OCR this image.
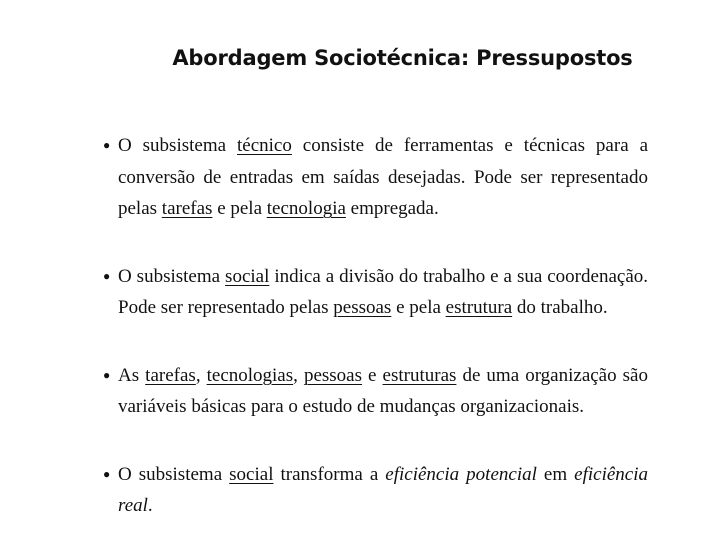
Abordagem Sociotécnica: Pressupostos
● O subsistema técnico consiste de ferramentas e técnicas para a conversão de entradas em saídas desejadas. Pode ser representado pelas tarefas e pela tecnologia empregada.
● O subsistema social indica a divisão do trabalho e a sua coordenação. Pode ser representado pelas pessoas e pela estrutura do trabalho.
● As tarefas, tecnologias, pessoas e estruturas de uma organização são variáveis básicas para o estudo de mudanças organizacionais.
● O subsistema social transforma a eficiência potencial em eficiência real.
